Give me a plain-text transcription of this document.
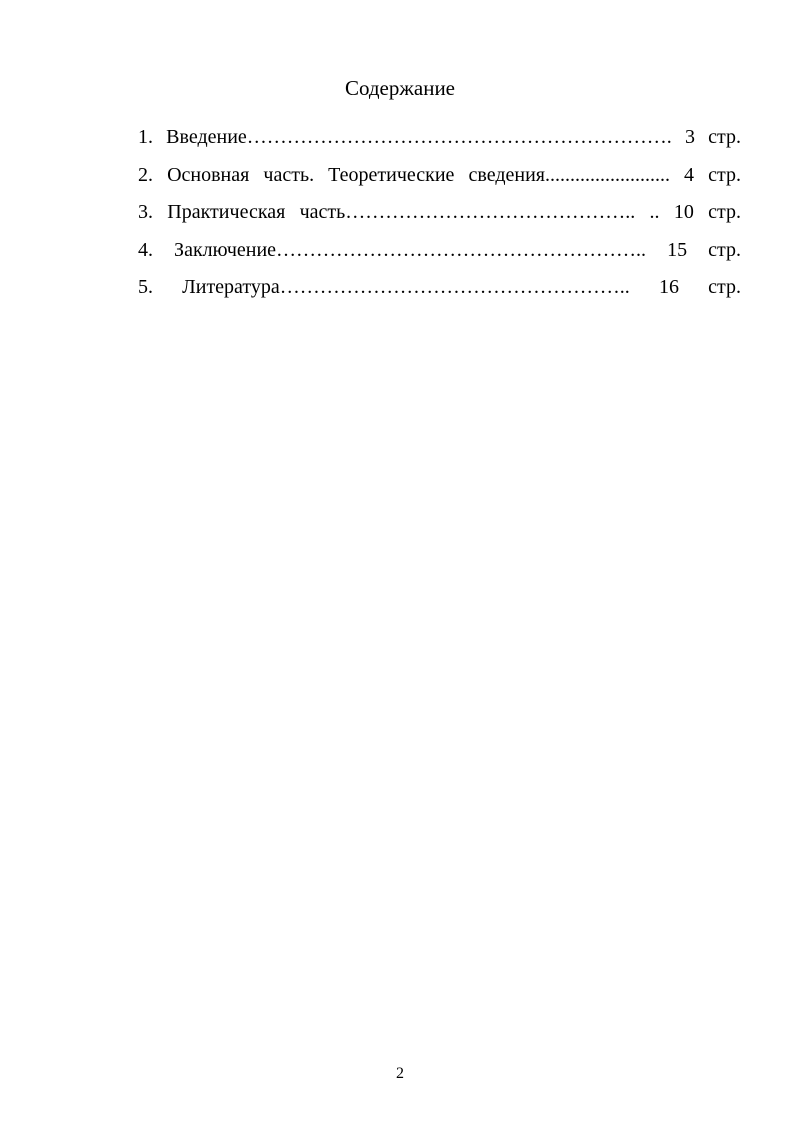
Содержание
1. Введение………………………………………………………. 3 стр.
2. Основная часть. Теоретические сведения......................... 4 стр.
3. Практическая часть…………………………………….. .. 10 стр.
4. Заключение……………………………………………….. 15 стр.
5. Литература…………………………………………….. 16 стр.
2
